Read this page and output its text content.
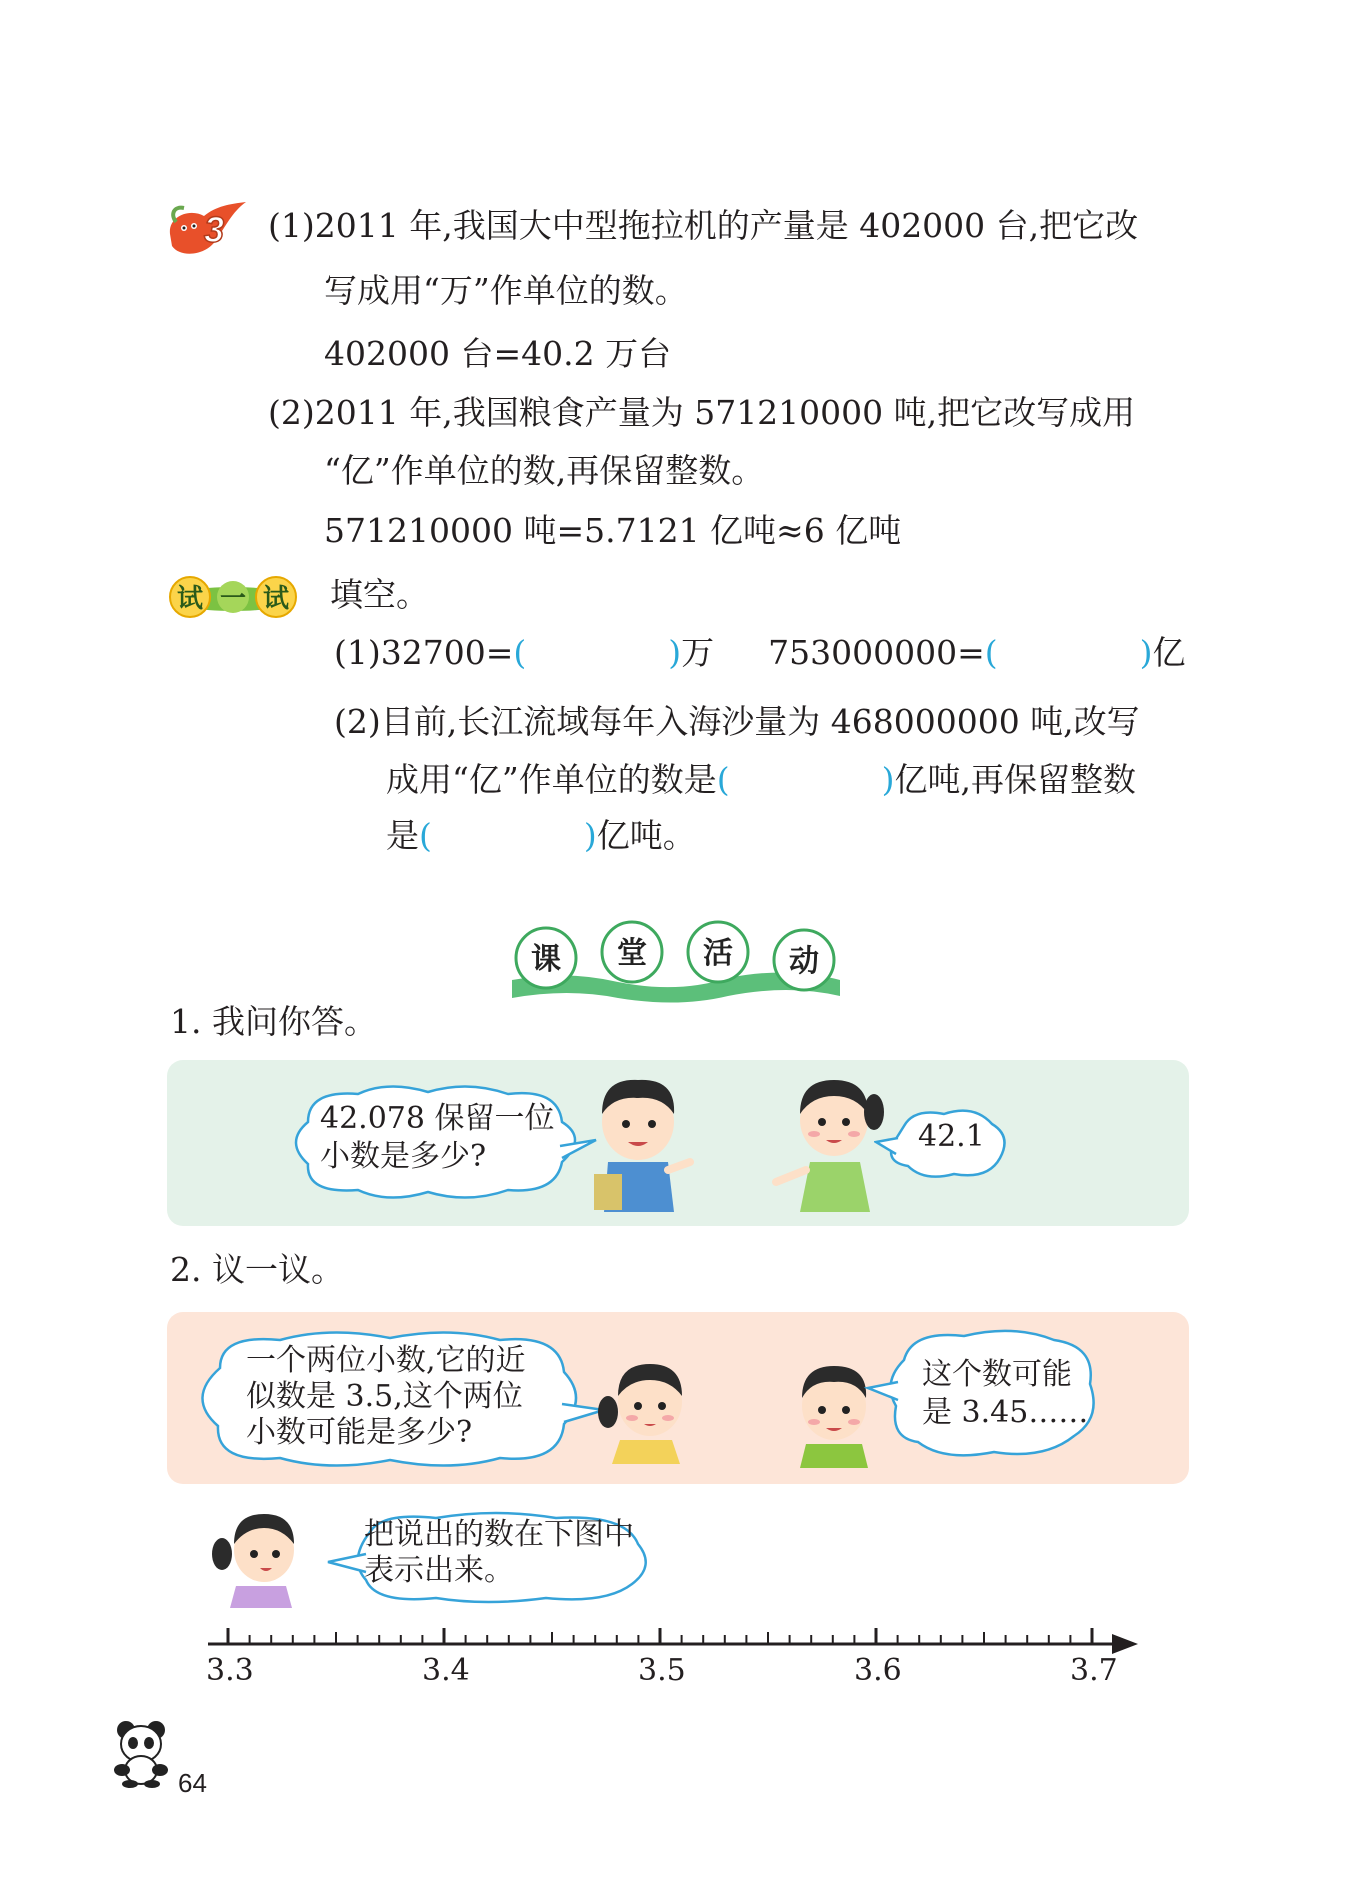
3 (1)2011 年,我国大中型拖拉机的产量是 402000 台,把它改
写成用“万”作单位的数。
402000 台=40.2 万台
(2)2011 年,我国粮食产量为 571210000 吨,把它改写成用
“亿”作单位的数,再保留整数。
571210000 吨=5.7121 亿吨≈6 亿吨
试 一 试 填空。
(1)32700=(	)万 753000000=(	)亿
(2)目前,长江流域每年入海沙量为 468000000 吨,改写
成用“亿”作单位的数是(	)亿吨,再保留整数
是(	)亿吨。
课 堂 活 动
1. 我问你答。
42.078 保留一位
小数是多少?
42.1
2. 议一议。
一个两位小数,它的近
似数是 3.5,这个两位
小数可能是多少?
这个数可能
是 3.45……
把说出的数在下图中
表示出来。
3.3	3.4	3.5	3.6	3.7
64
